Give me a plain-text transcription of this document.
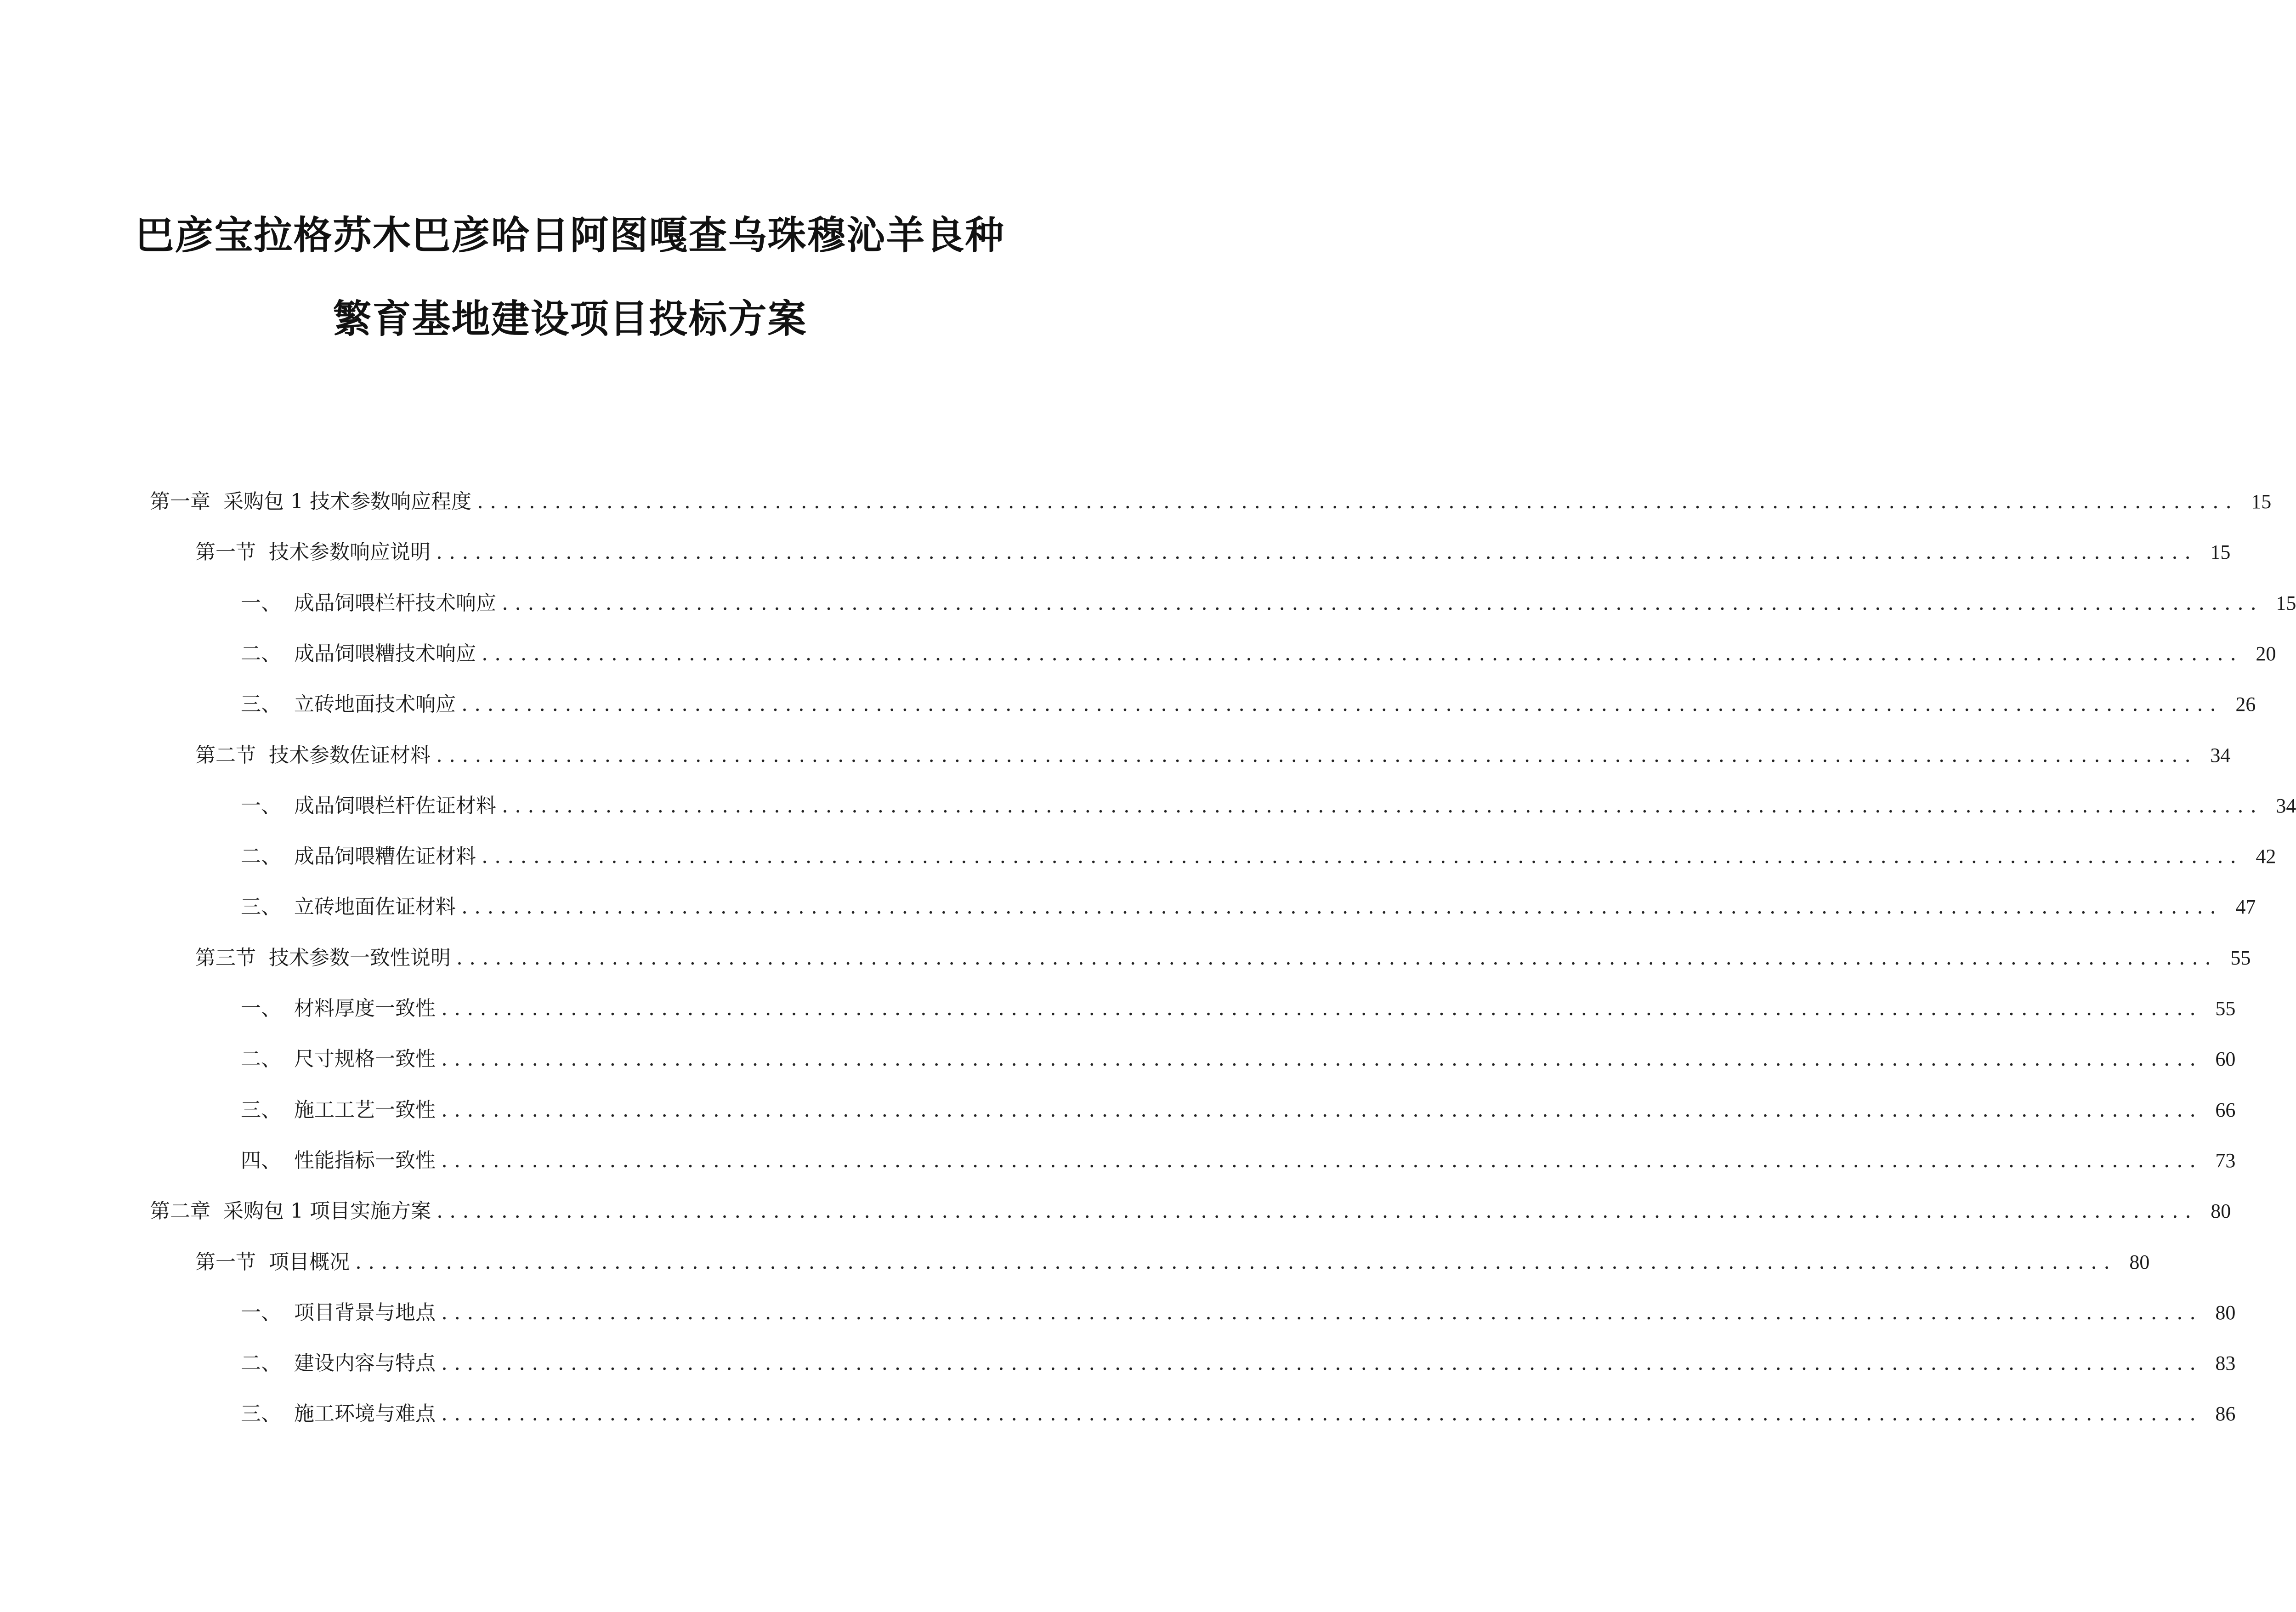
巴彦宝拉格苏木巴彦哈日阿图嘎查乌珠穆沁羊良种
繁育基地建设项目投标方案
第一章  采购包 1 技术参数响应程度 ........................................................................................................................................ 15
第一节  技术参数响应说明 ........................................................................................................................................ 15
一、  成品饲喂栏杆技术响应 ........................................................................................................................................ 15
二、  成品饲喂糟技术响应 ........................................................................................................................................ 20
三、  立砖地面技术响应 ........................................................................................................................................ 26
第二节  技术参数佐证材料 ........................................................................................................................................ 34
一、  成品饲喂栏杆佐证材料 ........................................................................................................................................ 34
二、  成品饲喂糟佐证材料 ........................................................................................................................................ 42
三、  立砖地面佐证材料 ........................................................................................................................................ 47
第三节  技术参数一致性说明 ........................................................................................................................................ 55
一、  材料厚度一致性 ........................................................................................................................................ 55
二、  尺寸规格一致性 ........................................................................................................................................ 60
三、  施工工艺一致性 ........................................................................................................................................ 66
四、  性能指标一致性 ........................................................................................................................................ 73
第二章  采购包 1 项目实施方案 ........................................................................................................................................ 80
第一节  项目概况 ........................................................................................................................................ 80
一、  项目背景与地点 ........................................................................................................................................ 80
二、  建设内容与特点 ........................................................................................................................................ 83
三、  施工环境与难点 ........................................................................................................................................ 86
